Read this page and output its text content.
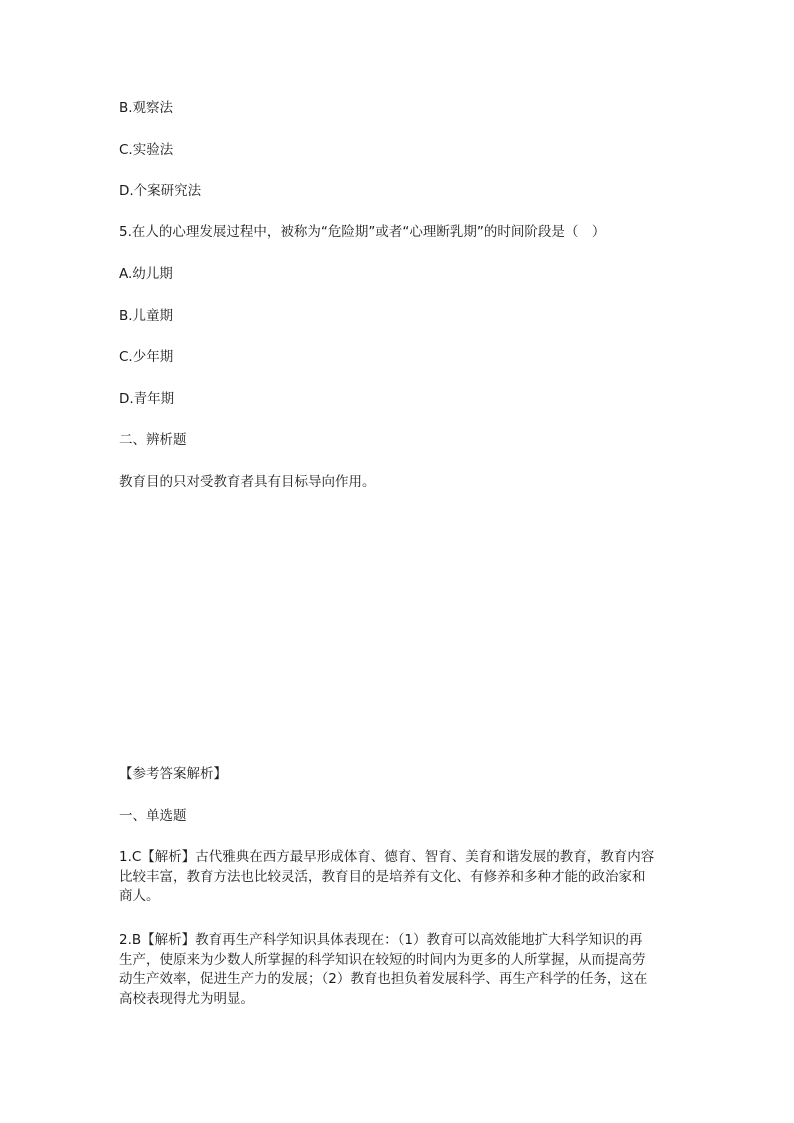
B.观察法
C.实验法
D.个案研究法
5.在人的心理发展过程中，被称为“危险期”或者“心理断乳期”的时间阶段是（　）
A.幼儿期
B.儿童期
C.少年期
D.青年期
二、辨析题
教育目的只对受教育者具有目标导向作用。
【参考答案解析】
一、单选题
1.C【解析】古代雅典在西方最早形成体育、德育、智育、美育和谐发展的教育，教育内容
比较丰富，教育方法也比较灵活，教育目的是培养有文化、有修养和多种才能的政治家和
商人。
2.B【解析】教育再生产科学知识具体表现在：（1）教育可以高效能地扩大科学知识的再
生产，使原来为少数人所掌握的科学知识在较短的时间内为更多的人所掌握，从而提高劳
动生产效率，促进生产力的发展；（2）教育也担负着发展科学、再生产科学的任务，这在
高校表现得尤为明显。
